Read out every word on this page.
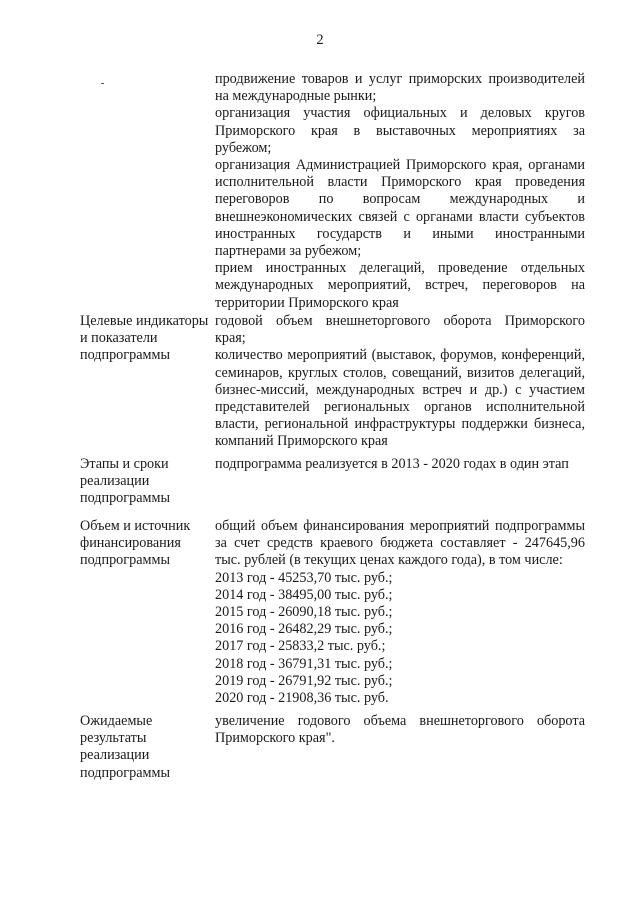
2
продвижение товаров и услуг приморских производителей
на международные рынки;
организация участия официальных и деловых кругов
Приморского края в выставочных мероприятиях за
рубежом;
организация Администрацией Приморского края, органами
исполнительной власти Приморского края проведения
переговоров по вопросам международных и
внешнеэкономических связей с органами власти субъектов
иностранных государств и иными иностранными
партнерами за рубежом;
прием иностранных делегаций, проведение отдельных
международных мероприятий, встреч, переговоров на
территории Приморского края
Целевые индикаторы
и показатели
подпрограммы
годовой объем внешнеторгового оборота Приморского
края;
количество мероприятий (выставок, форумов, конференций,
семинаров, круглых столов, совещаний, визитов делегаций,
бизнес-миссий, международных встреч и др.) с участием
представителей региональных органов исполнительной
власти, региональной инфраструктуры поддержки бизнеса,
компаний Приморского края
Этапы и сроки
реализации
подпрограммы
подпрограмма реализуется в 2013 - 2020 годах в один этап
Объем и источник
финансирования
подпрограммы
общий объем финансирования мероприятий подпрограммы
за счет средств краевого бюджета составляет - 247645,96
тыс. рублей (в текущих ценах каждого года), в том числе:
2013 год - 45253,70 тыс. руб.;
2014 год - 38495,00 тыс. руб.;
2015 год - 26090,18 тыс. руб.;
2016 год - 26482,29 тыс. руб.;
2017 год - 25833,2 тыс. руб.;
2018 год - 36791,31 тыс. руб.;
2019 год - 26791,92 тыс. руб.;
2020 год - 21908,36 тыс. руб.
Ожидаемые
результаты
реализации
подпрограммы
увеличение годового объема внешнеторгового оборота
Приморского края".
